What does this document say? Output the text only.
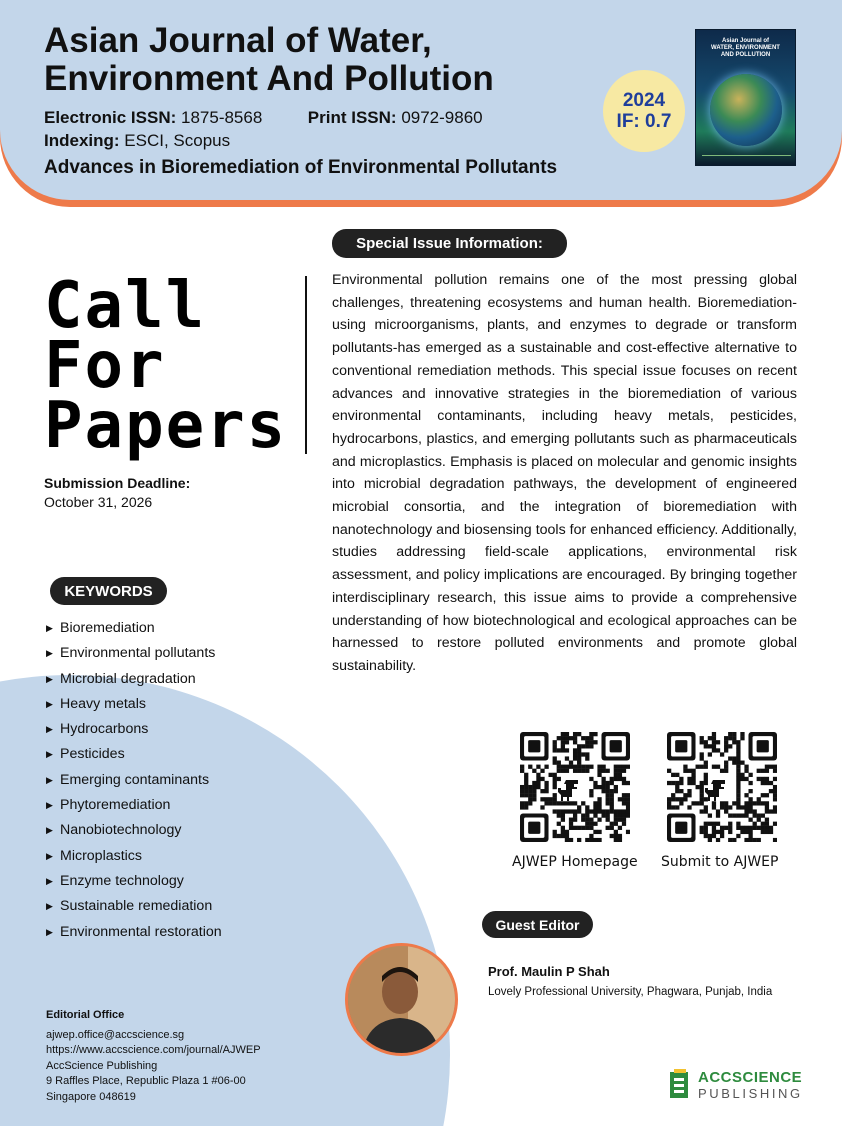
Asian Journal of Water,
Environment And Pollution
Electronic ISSN: 1875-8568	Print ISSN: 0972-9860
Indexing: ESCI, Scopus
Advances in Bioremediation of Environmental Pollutants
2024
IF: 0.7
Asian Journal of
WATER, ENVIRONMENT
AND POLLUTION
Call
For
Papers
Submission Deadline:
October 31, 2026
Special Issue Information:
Environmental pollution remains one of the most pressing global challenges, threatening ecosystems and human health. Bioremediation-using microorganisms, plants, and enzymes to degrade or transform pollutants-has emerged as a sustainable and cost-effective alternative to conventional remediation methods. This special issue focuses on recent advances and innovative strategies in the bioremediation of various environmental contaminants, including heavy metals, pesticides, hydrocarbons, plastics, and emerging pollutants such as pharmaceuticals and microplastics. Emphasis is placed on molecular and genomic insights into microbial degradation pathways, the development of engineered microbial consortia, and the integration of bioremediation with nanotechnology and biosensing tools for enhanced efficiency. Additionally, studies addressing field-scale applications, environmental risk assessment, and policy implications are encouraged. By bringing together interdisciplinary research, this issue aims to provide a comprehensive understanding of how biotechnological and ecological approaches can be harnessed to restore polluted environments and promote global sustainability.
KEYWORDS
▶ Bioremediation
▶ Environmental pollutants
▶ Microbial degradation
▶ Heavy metals
▶ Hydrocarbons
▶ Pesticides
▶ Emerging contaminants
▶ Phytoremediation
▶ Nanobiotechnology
▶ Microplastics
▶ Enzyme technology
▶ Sustainable remediation
▶ Environmental restoration
Editorial Office
ajwep.office@accscience.sg
https://www.accscience.com/journal/AJWEP
AccScience Publishing
9 Raffles Place, Republic Plaza 1 #06-00
Singapore 048619
AJWEP Homepage Submit to AJWEP
Guest Editor
Prof. Maulin P Shah
Lovely Professional University, Phagwara, Punjab, India
ACCSCIENCE
PUBLISHING
